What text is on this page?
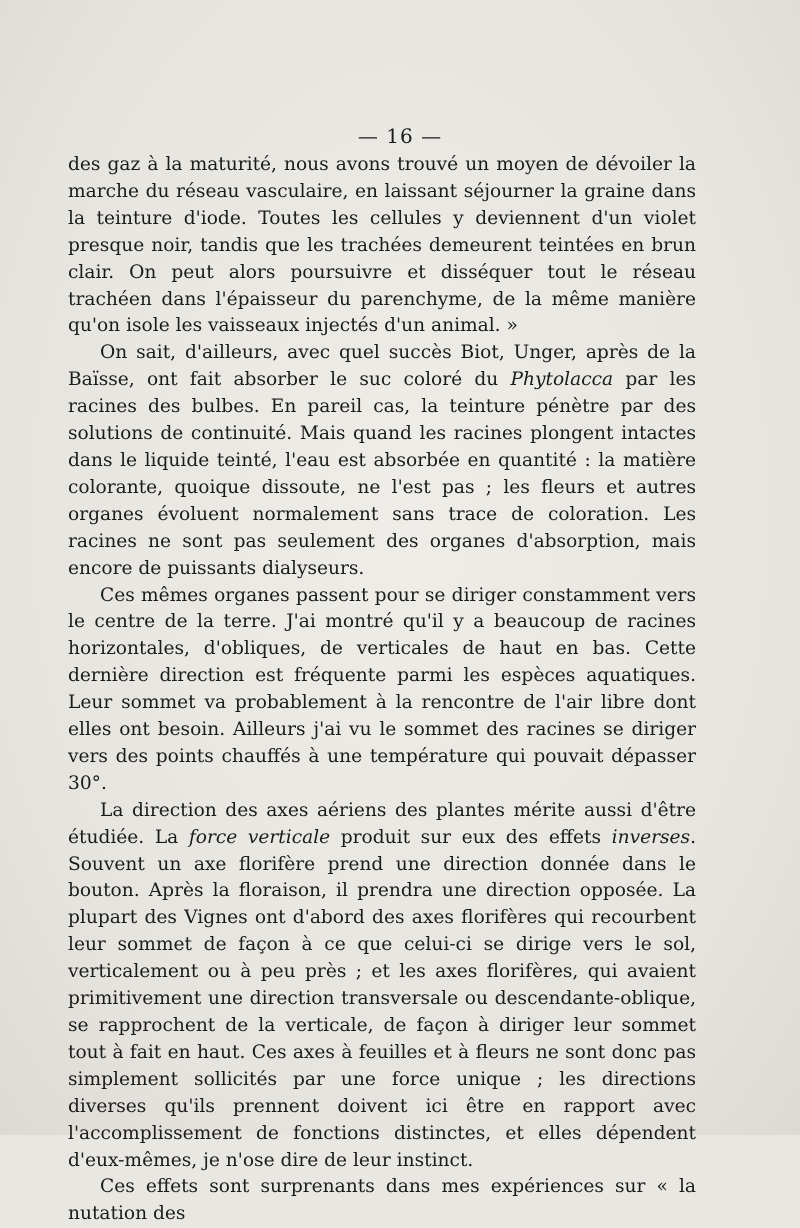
— 16 —

des gaz à la maturité, nous avons trouvé un moyen de dévoiler la marche du réseau vasculaire, en laissant séjourner la graine dans la teinture d'iode. Toutes les cellules y deviennent d'un violet presque noir, tandis que les trachées demeurent teintées en brun clair. On peut alors poursuivre et disséquer tout le réseau trachéen dans l'épaisseur du parenchyme, de la même manière qu'on isole les vaisseaux injectés d'un animal. »

On sait, d'ailleurs, avec quel succès Biot, Unger, après de la Baïsse, ont fait absorber le suc coloré du Phytolacca par les racines des bulbes. En pareil cas, la teinture pénètre par des solutions de continuité. Mais quand les racines plongent intactes dans le liquide teinté, l'eau est absorbée en quantité : la matière colorante, quoique dissoute, ne l'est pas ; les fleurs et autres organes évoluent normalement sans trace de coloration. Les racines ne sont pas seulement des organes d'absorption, mais encore de puissants dialyseurs.

Ces mêmes organes passent pour se diriger constamment vers le centre de la terre. J'ai montré qu'il y a beaucoup de racines horizontales, d'obliques, de verticales de haut en bas. Cette dernière direction est fréquente parmi les espèces aquatiques. Leur sommet va probablement à la rencontre de l'air libre dont elles ont besoin. Ailleurs j'ai vu le sommet des racines se diriger vers des points chauffés à une température qui pouvait dépasser 30°.

La direction des axes aériens des plantes mérite aussi d'être étudiée. La force verticale produit sur eux des effets inverses. Souvent un axe florifère prend une direction donnée dans le bouton. Après la floraison, il prendra une direction opposée. La plupart des Vignes ont d'abord des axes florifères qui recourbent leur sommet de façon à ce que celui-ci se dirige vers le sol, verticalement ou à peu près ; et les axes florifères, qui avaient primitivement une direction transversale ou descendante-oblique, se rapprochent de la verticale, de façon à diriger leur sommet tout à fait en haut. Ces axes à feuilles et à fleurs ne sont donc pas simplement sollicités par une force unique ; les directions diverses qu'ils prennent doivent ici être en rapport avec l'accomplissement de fonctions distinctes, et elles dépendent d'eux-mêmes, je n'ose dire de leur instinct.

Ces effets sont surprenants dans mes expériences sur « la nutation des
